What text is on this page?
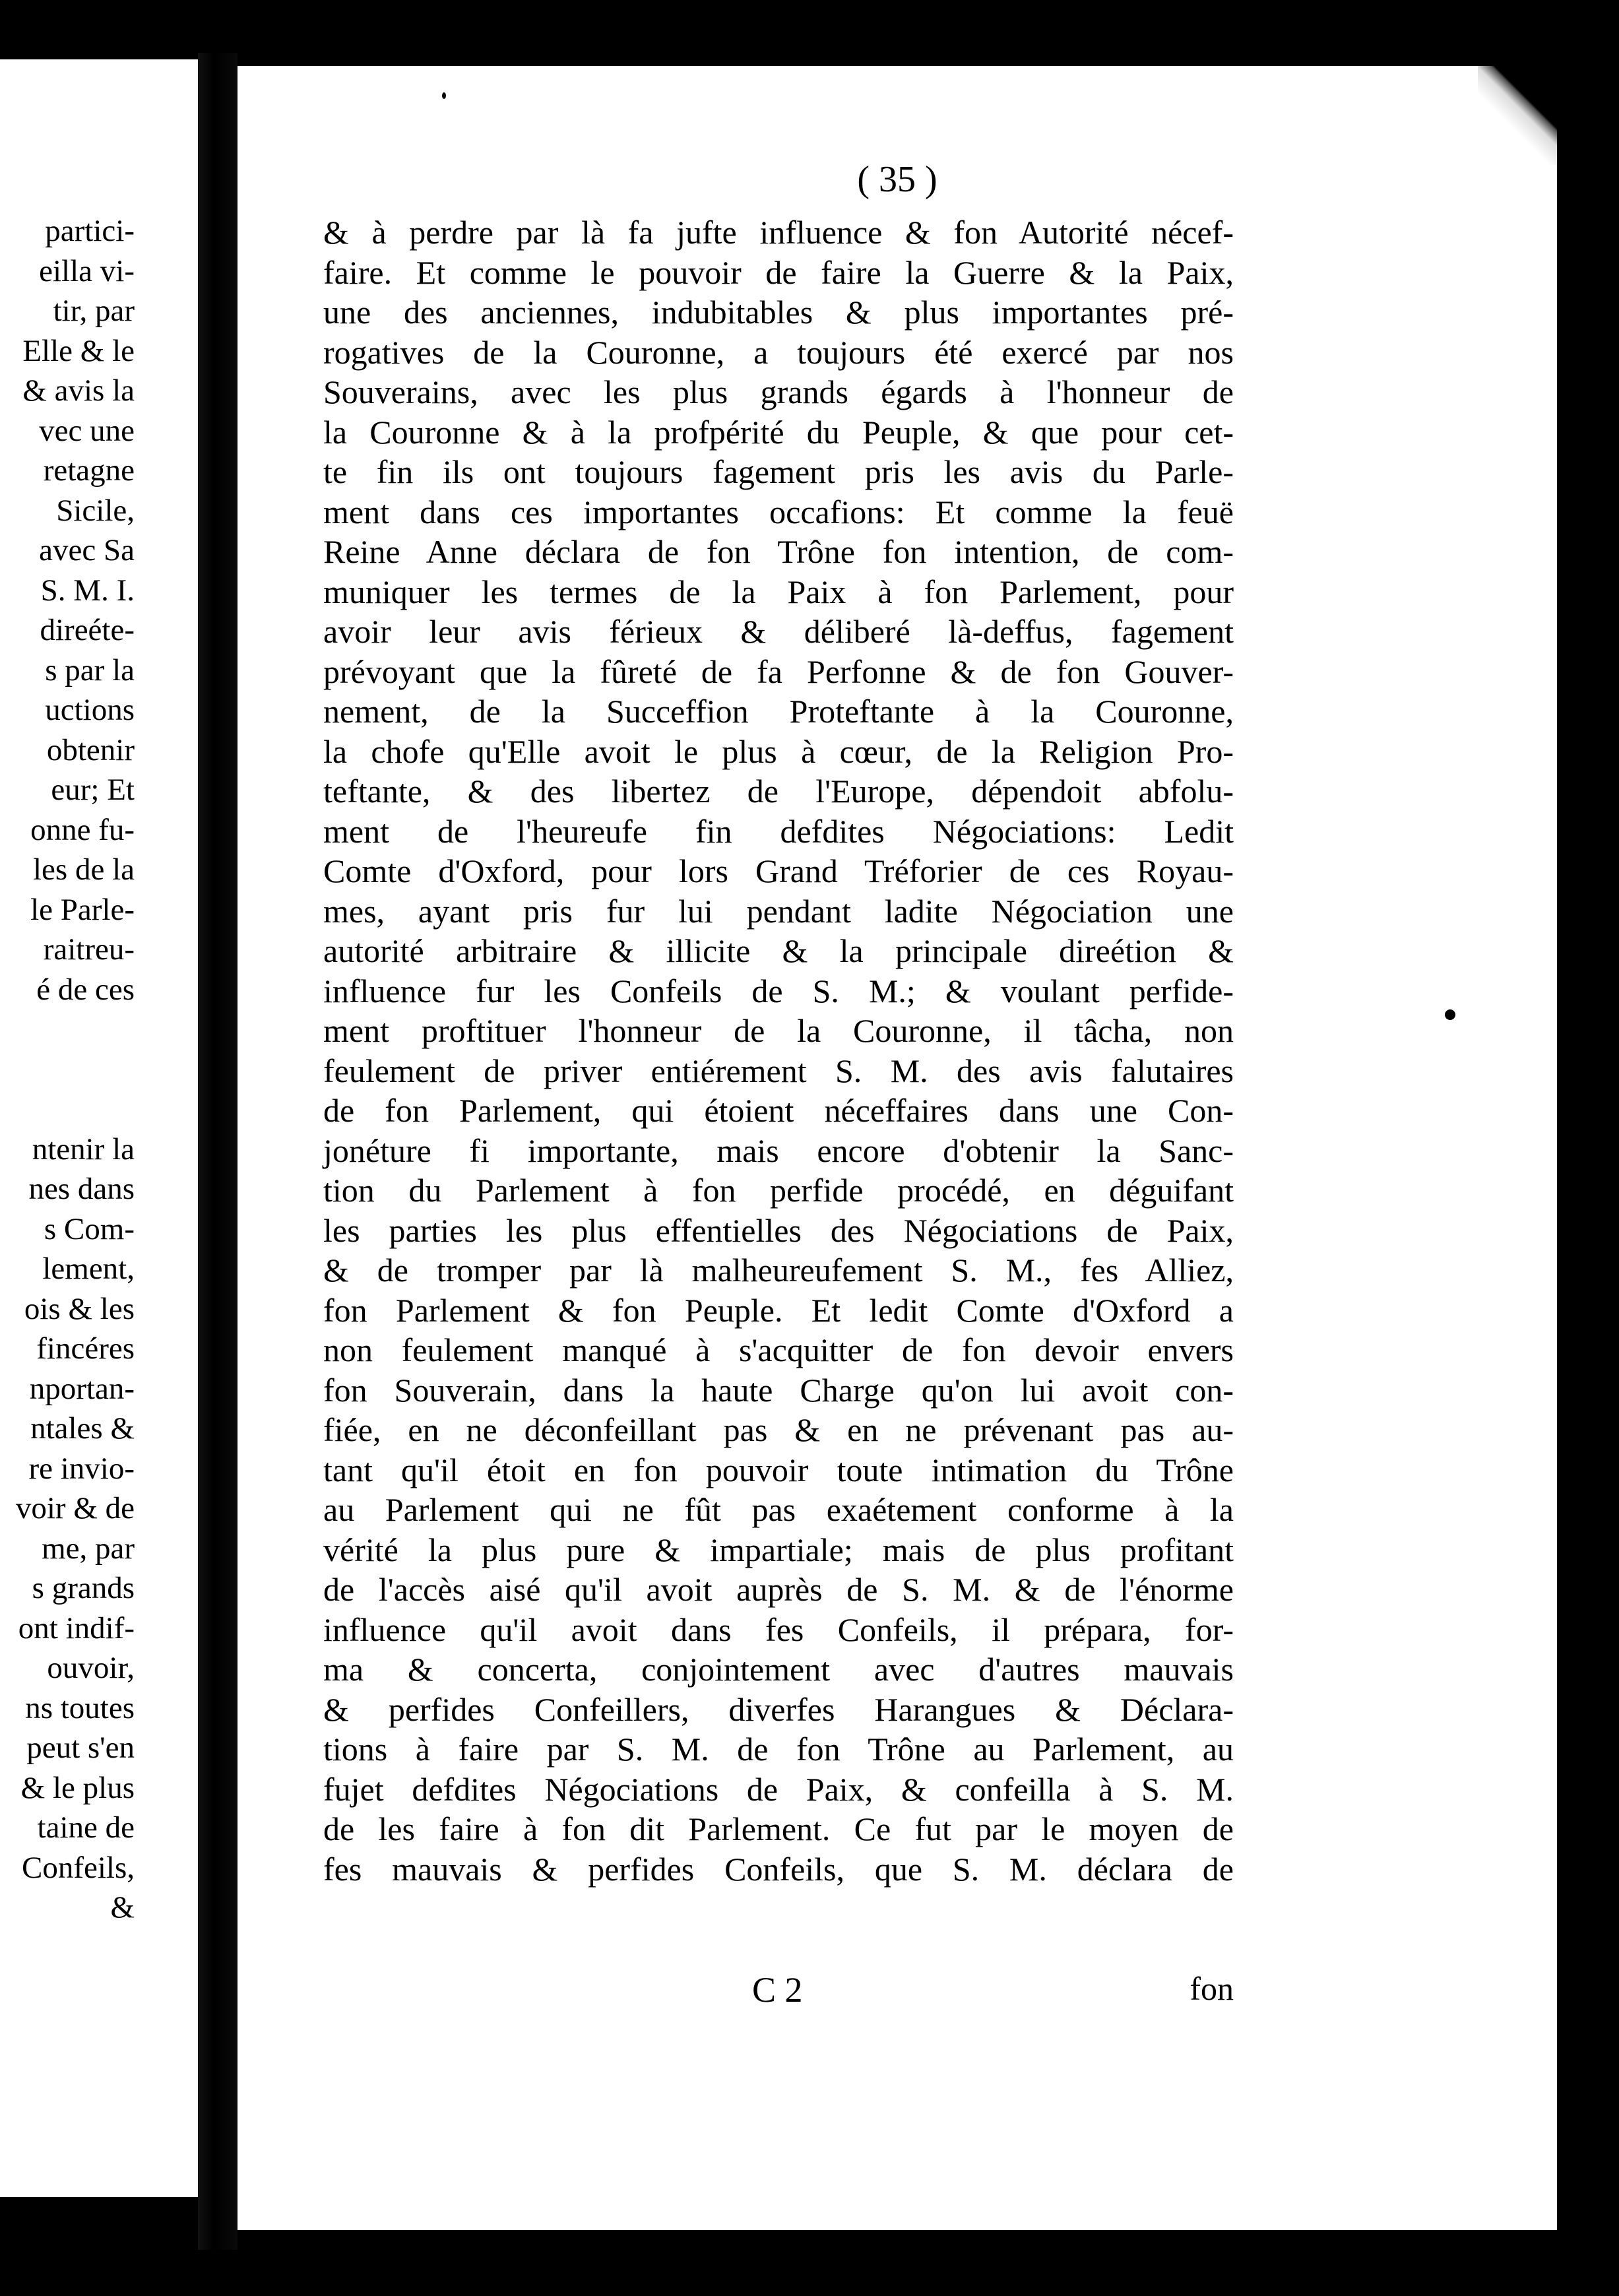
partici-
eilla vi-
tir, par
Elle & le
& avis la
vec une
retagne
Sicile,
avec Sa
S. M. I.
direéte-
s par la
uctions
obtenir
eur; Et
onne fu-
les de la
le Parle-
raitreu-
é de ces
ntenir la
nes dans
s Com-
lement,
ois & les
fincéres
nportan-
ntales &
re invio-
voir & de
me, par
s grands
ont indif-
ouvoir,
ns toutes
peut s'en
& le plus
taine de
Confeils,
&
( 35 )
& à perdre par là fa jufte influence & fon Autorité nécef-
faire. Et comme le pouvoir de faire la Guerre & la Paix,
une des anciennes, indubitables & plus importantes pré-
rogatives de la Couronne, a toujours été exercé par nos
Souverains, avec les plus grands égards à l'honneur de
la Couronne & à la profpérité du Peuple, & que pour cet-
te fin ils ont toujours fagement pris les avis du Parle-
ment dans ces importantes occafions: Et comme la feuë
Reine Anne déclara de fon Trône fon intention, de com-
muniquer les termes de la Paix à fon Parlement, pour
avoir leur avis férieux & déliberé là-deffus, fagement
prévoyant que la fûreté de fa Perfonne & de fon Gouver-
nement, de la Succeffion Proteftante à la Couronne,
la chofe qu'Elle avoit le plus à cœur, de la Religion Pro-
teftante, & des libertez de l'Europe, dépendoit abfolu-
ment de l'heureufe fin defdites Négociations: Ledit
Comte d'Oxford, pour lors Grand Tréforier de ces Royau-
mes, ayant pris fur lui pendant ladite Négociation une
autorité arbitraire & illicite & la principale direétion &
influence fur les Confeils de S. M.; & voulant perfide-
ment proftituer l'honneur de la Couronne, il tâcha, non
feulement de priver entiérement S. M. des avis falutaires
de fon Parlement, qui étoient néceffaires dans une Con-
jonéture fi importante, mais encore d'obtenir la Sanc-
tion du Parlement à fon perfide procédé, en déguifant
les parties les plus effentielles des Négociations de Paix,
& de tromper par là malheureufement S. M., fes Alliez,
fon Parlement & fon Peuple. Et ledit Comte d'Oxford a
non feulement manqué à s'acquitter de fon devoir envers
fon Souverain, dans la haute Charge qu'on lui avoit con-
fiée, en ne déconfeillant pas & en ne prévenant pas au-
tant qu'il étoit en fon pouvoir toute intimation du Trône
au Parlement qui ne fût pas exaétement conforme à la
vérité la plus pure & impartiale; mais de plus profitant
de l'accès aisé qu'il avoit auprès de S. M. & de l'énorme
influence qu'il avoit dans fes Confeils, il prépara, for-
ma & concerta, conjointement avec d'autres mauvais
& perfides Confeillers, diverfes Harangues & Déclara-
tions à faire par S. M. de fon Trône au Parlement, au
fujet defdites Négociations de Paix, & confeilla à S. M.
de les faire à fon dit Parlement. Ce fut par le moyen de
fes mauvais & perfides Confeils, que S. M. déclara de
C 2	fon
